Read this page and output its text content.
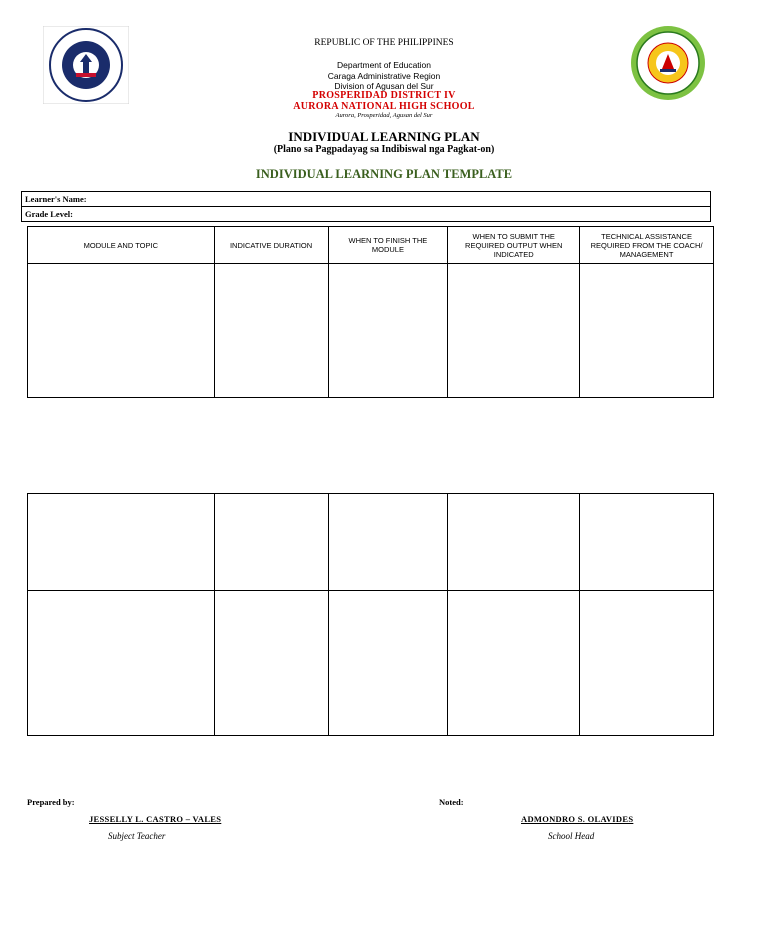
REPUBLIC OF THE PHILIPPINES
Department of Education
Caraga Administrative Region
Division of Agusan del Sur
PROSPERIDAD DISTRICT IV
AURORA NATIONAL HIGH SCHOOL
Aurora, Prosperidad, Agusan del Sur
INDIVIDUAL LEARNING PLAN
(Plano sa Pagpadayag sa Indibiswal nga Pagkat-on)
INDIVIDUAL LEARNING PLAN TEMPLATE
Learner's Name:
Grade Level:
MODULE AND TOPIC	INDICATIVE DURATION	WHEN TO FINISH THE MODULE	WHEN TO SUBMIT THE REQUIRED OUTPUT WHEN INDICATED	TECHNICAL ASSISTANCE REQUIRED FROM THE COACH/ MANAGEMENT

Prepared by:
JESSELLY L. CASTRO – VALES
Subject Teacher
Noted:
ADMONDRO S. OLAVIDES
School Head
